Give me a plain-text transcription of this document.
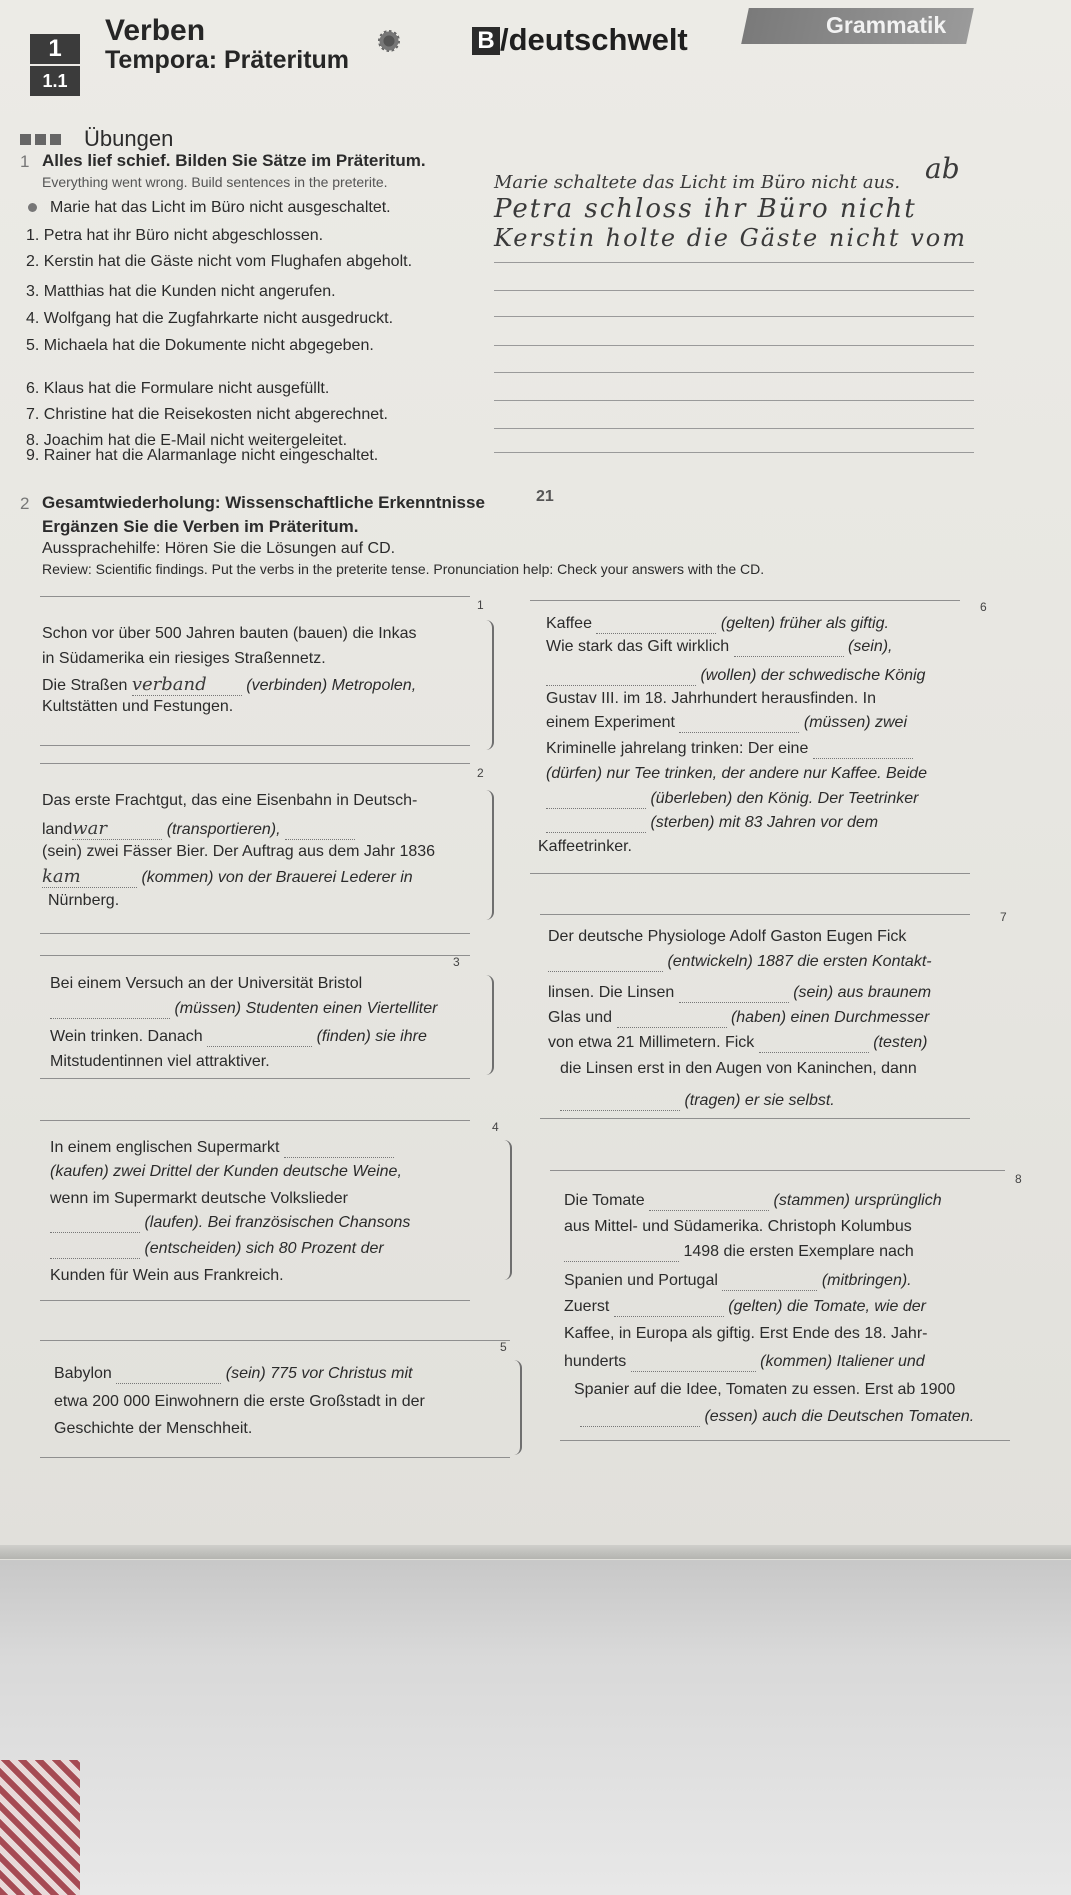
1
1.1
Verben
Tempora: Präteritum
B /deutschwelt	Grammatik
Übungen
1 Alles lief schief. Bilden Sie Sätze im Präteritum.
Everything went wrong. Build sentences in the preterite.
Marie hat das Licht im Büro nicht ausgeschaltet.
Marie schaltete das Licht im Büro nicht aus. ab
1. Petra hat ihr Büro nicht abgeschlossen.
Petra schloss ihr Büro nicht
2. Kerstin hat die Gäste nicht vom Flughafen abgeholt.
Kerstin holte die Gäste nicht vom
3. Matthias hat die Kunden nicht angerufen.
4. Wolfgang hat die Zugfahrkarte nicht ausgedruckt.
5. Michaela hat die Dokumente nicht abgegeben.
6. Klaus hat die Formulare nicht ausgefüllt.
7. Christine hat die Reisekosten nicht abgerechnet.
8. Joachim hat die E-Mail nicht weitergeleitet.
9. Rainer hat die Alarmanlage nicht eingeschaltet.
2 Gesamtwiederholung: Wissenschaftliche Erkenntnisse	21
Ergänzen Sie die Verben im Präteritum.
Aussprachehilfe: Hören Sie die Lösungen auf CD.
Review: Scientific findings. Put the verbs in the preterite tense. Pronunciation help: Check your answers with the CD.
1
Schon vor über 500 Jahren bauten (bauen) die Inkas
in Südamerika ein riesiges Straßennetz.
Die Straßen verband (verbinden) Metropolen,
Kultstätten und Festungen.
2
Das erste Frachtgut, das eine Eisenbahn in Deutsch-
landwar	(transportieren),
(sein) zwei Fässer Bier. Der Auftrag aus dem Jahr 1836
kam	(kommen) von der Brauerei Lederer in
Nürnberg.
3
Bei einem Versuch an der Universität Bristol
(müssen) Studenten einen Viertelliter
Wein trinken. Danach	(finden) sie ihre
Mitstudentinnen viel attraktiver.
4
In einem englischen Supermarkt
(kaufen) zwei Drittel der Kunden deutsche Weine,
wenn im Supermarkt deutsche Volkslieder
(laufen). Bei französischen Chansons
(entscheiden) sich 80 Prozent der
Kunden für Wein aus Frankreich.
5
Babylon	(sein) 775 vor Christus mit
etwa 200 000 Einwohnern die erste Großstadt in der
Geschichte der Menschheit.
6
Kaffee	(gelten) früher als giftig.
Wie stark das Gift wirklich	(sein),
(wollen) der schwedische König
Gustav III. im 18. Jahrhundert herausfinden. In
einem Experiment	(müssen) zwei
Kriminelle jahrelang trinken: Der eine
(dürfen) nur Tee trinken, der andere nur Kaffee. Beide
(überleben) den König. Der Teetrinker
(sterben) mit 83 Jahren vor dem
Kaffeetrinker.
7
Der deutsche Physiologe Adolf Gaston Eugen Fick
(entwickeln) 1887 die ersten Kontakt-
linsen. Die Linsen	(sein) aus braunem
Glas und	(haben) einen Durchmesser
von etwa 21 Millimetern. Fick	(testen)
die Linsen erst in den Augen von Kaninchen, dann
(tragen) er sie selbst.
8
Die Tomate	(stammen) ursprünglich
aus Mittel- und Südamerika. Christoph Kolumbus
1498 die ersten Exemplare nach
Spanien und Portugal	(mitbringen).
Zuerst	(gelten) die Tomate, wie der
Kaffee, in Europa als giftig. Erst Ende des 18. Jahr-
hunderts	(kommen) Italiener und
Spanier auf die Idee, Tomaten zu essen. Erst ab 1900
(essen) auch die Deutschen Tomaten.
